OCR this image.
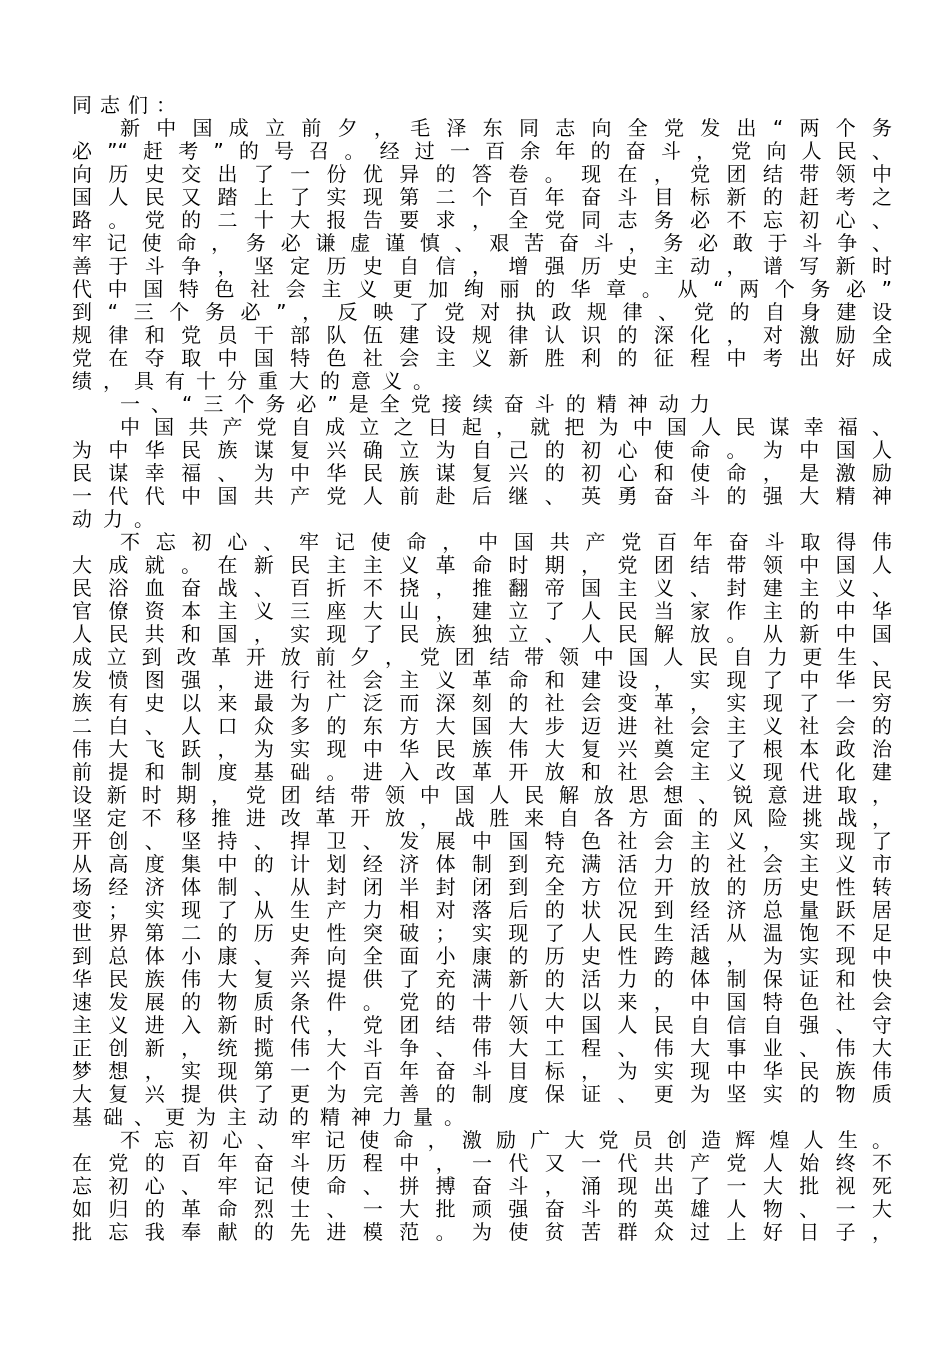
同志们：
新中国成立前夕，毛泽东同志向全党发出“两个务
必”“赶考”的号召。经过一百余年的奋斗，党向人民、
向历史交出了一份优异的答卷。现在，党团结带领中
国人民又踏上了实现第二个百年奋斗目标新的赶考之
路。党的二十大报告要求，全党同志务必不忘初心、
牢记使命，务必谦虚谨慎、艰苦奋斗，务必敢于斗争、
善于斗争，坚定历史自信，增强历史主动，谱写新时
代中国特色社会主义更加绚丽的华章。从“两个务必”
到“三个务必”，反映了党对执政规律、党的自身建设
规律和党员干部队伍建设规律认识的深化，对激励全
党在夺取中国特色社会主义新胜利的征程中考出好成
绩，具有十分重大的意义。
一、“三个务必”是全党接续奋斗的精神动力
中国共产党自成立之日起，就把为中国人民谋幸福、
为中华民族谋复兴确立为自己的初心使命。为中国人
民谋幸福、为中华民族谋复兴的初心和使命，是激励
一代代中国共产党人前赴后继、英勇奋斗的强大精神
动力。
不忘初心、牢记使命，中国共产党百年奋斗取得伟
大成就。在新民主主义革命时期，党团结带领中国人
民浴血奋战、百折不挠，推翻帝国主义、封建主义、
官僚资本主义三座大山，建立了人民当家作主的中华
人民共和国，实现了民族独立、人民解放。从新中国
成立到改革开放前夕，党团结带领中国人民自力更生、
发愤图强，进行社会主义革命和建设，实现了中华民
族有史以来最为广泛而深刻的社会变革，实现了一穷
二白、人口众多的东方大国大步迈进社会主义社会的
伟大飞跃，为实现中华民族伟大复兴奠定了根本政治
前提和制度基础。进入改革开放和社会主义现代化建
设新时期，党团结带领中国人民解放思想、锐意进取，
坚定不移推进改革开放，战胜来自各方面的风险挑战，
开创、坚持、捍卫、发展中国特色社会主义，实现了
从高度集中的计划经济体制到充满活力的社会主义市
场经济体制、从封闭半封闭到全方位开放的历史性转
变；实现了从生产力相对落后的状况到经济总量跃居
世界第二的历史性突破；实现了人民生活从温饱不足
到总体小康、奔向全面小康的历史性跨越，为实现中
华民族伟大复兴提供了充满新的活力的体制保证和快
速发展的物质条件。党的十八大以来，中国特色社会
主义进入新时代，党团结带领中国人民自信自强、守
正创新，统揽伟大斗争、伟大工程、伟大事业、伟大
梦想，实现第一个百年奋斗目标，为实现中华民族伟
大复兴提供了更为完善的制度保证、更为坚实的物质
基础、更为主动的精神力量。
不忘初心、牢记使命，激励广大党员创造辉煌人生。
在党的百年奋斗历程中，一代又一代共产党人始终不
忘初心、牢记使命、拼搏奋斗，涌现出了一大批视死
如归的革命烈士、一大批顽强奋斗的英雄人物、一大
批忘我奉献的先进模范。为使贫苦群众过上好日子，
